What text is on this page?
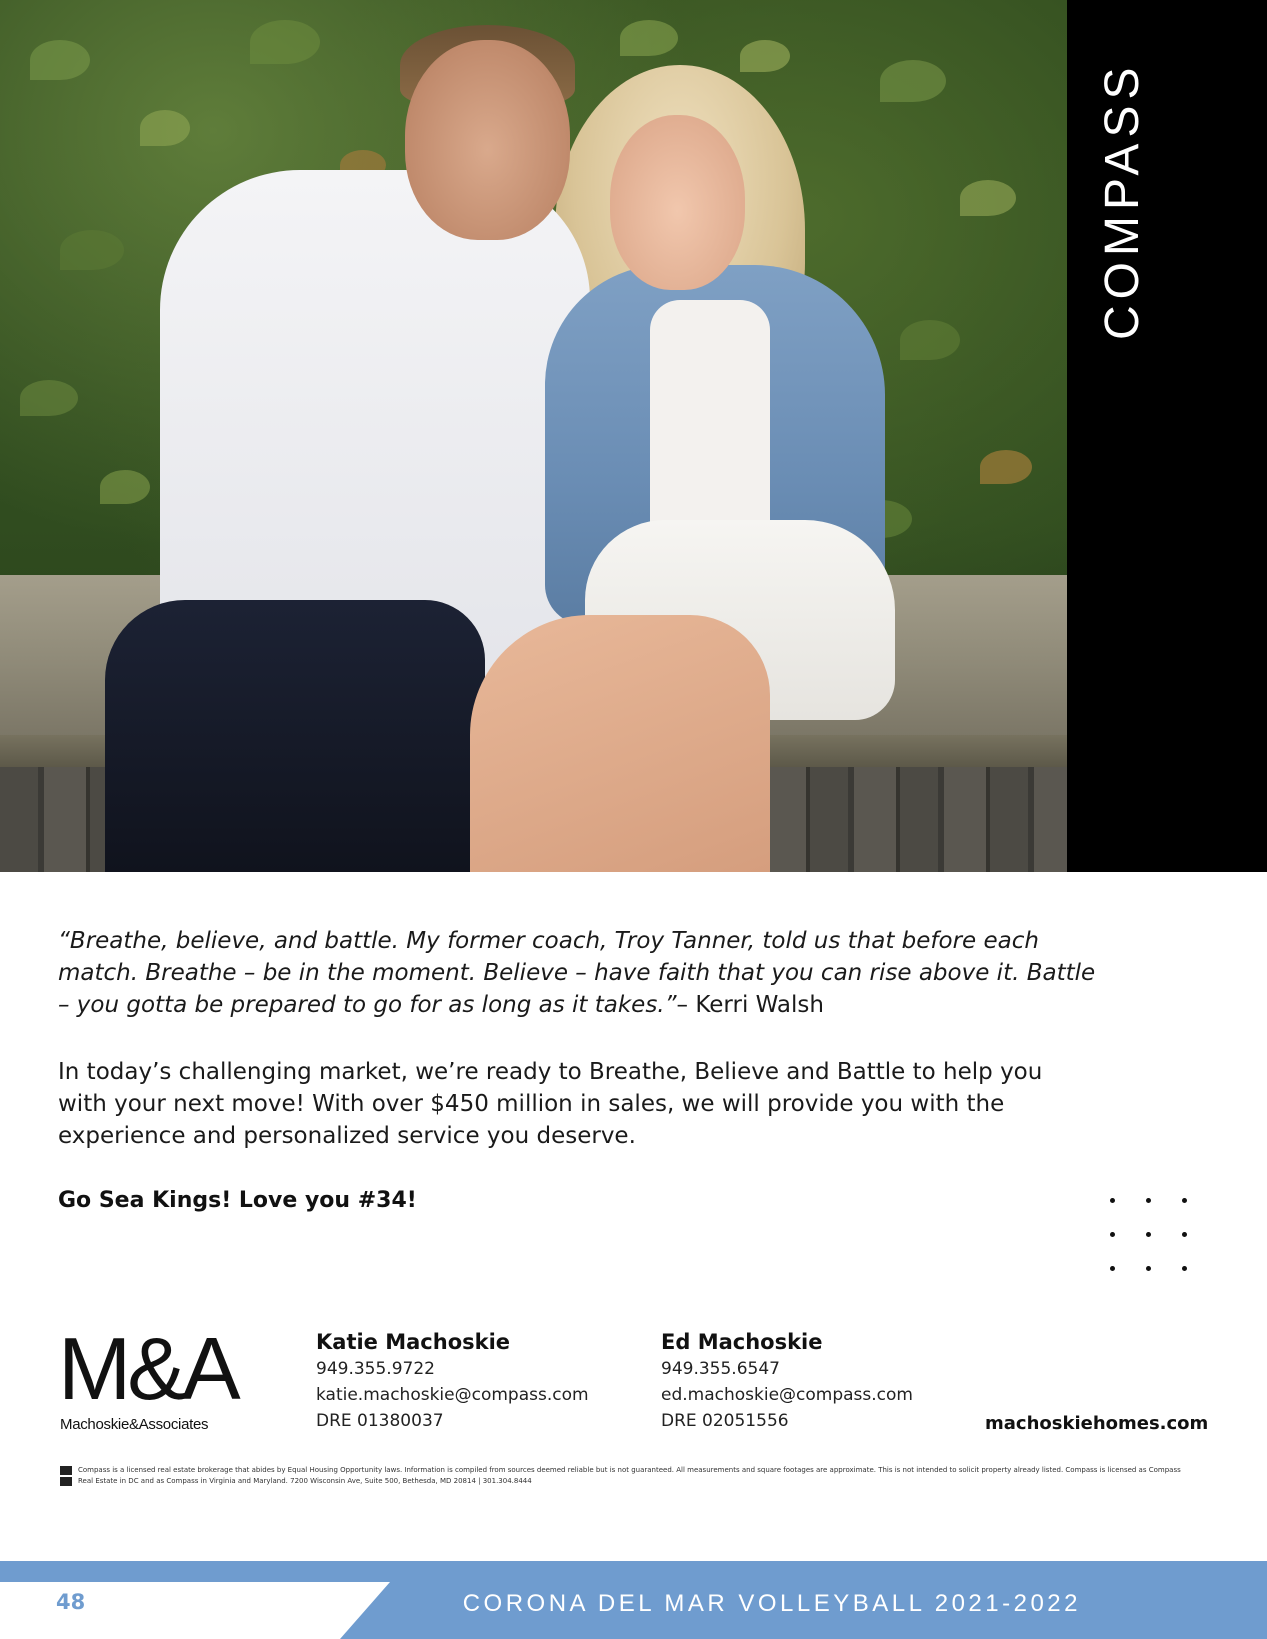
COMPASS

“Breathe, believe, and battle. My former coach, Troy Tanner, told us that before each match. Breathe – be in the moment. Believe – have faith that you can rise above it. Battle – you gotta be prepared to go for as long as it takes.”– Kerri Walsh

In today’s challenging market, we’re ready to Breathe, Believe and Battle to help you with your next move! With over $450 million in sales, we will provide you with the experience and personalized service you deserve.

Go Sea Kings! Love you #34!

M&A
Machoskie&Associates
Katie Machoskie
949.355.9722
katie.machoskie@compass.com
DRE 01380037
Ed Machoskie
949.355.6547
ed.machoskie@compass.com
DRE 02051556	machoskiehomes.com
Compass is a licensed real estate brokerage that abides by Equal Housing Opportunity laws. Information is compiled from sources deemed reliable but is not guaranteed. All measurements and square footages are approximate. This is not intended to solicit property already listed. Compass is licensed as Compass Real Estate in DC and as Compass in Virginia and Maryland. 7200 Wisconsin Ave, Suite 500, Bethesda, MD 20814 | 301.304.8444
48	CORONA DEL MAR VOLLEYBALL 2021-2022
